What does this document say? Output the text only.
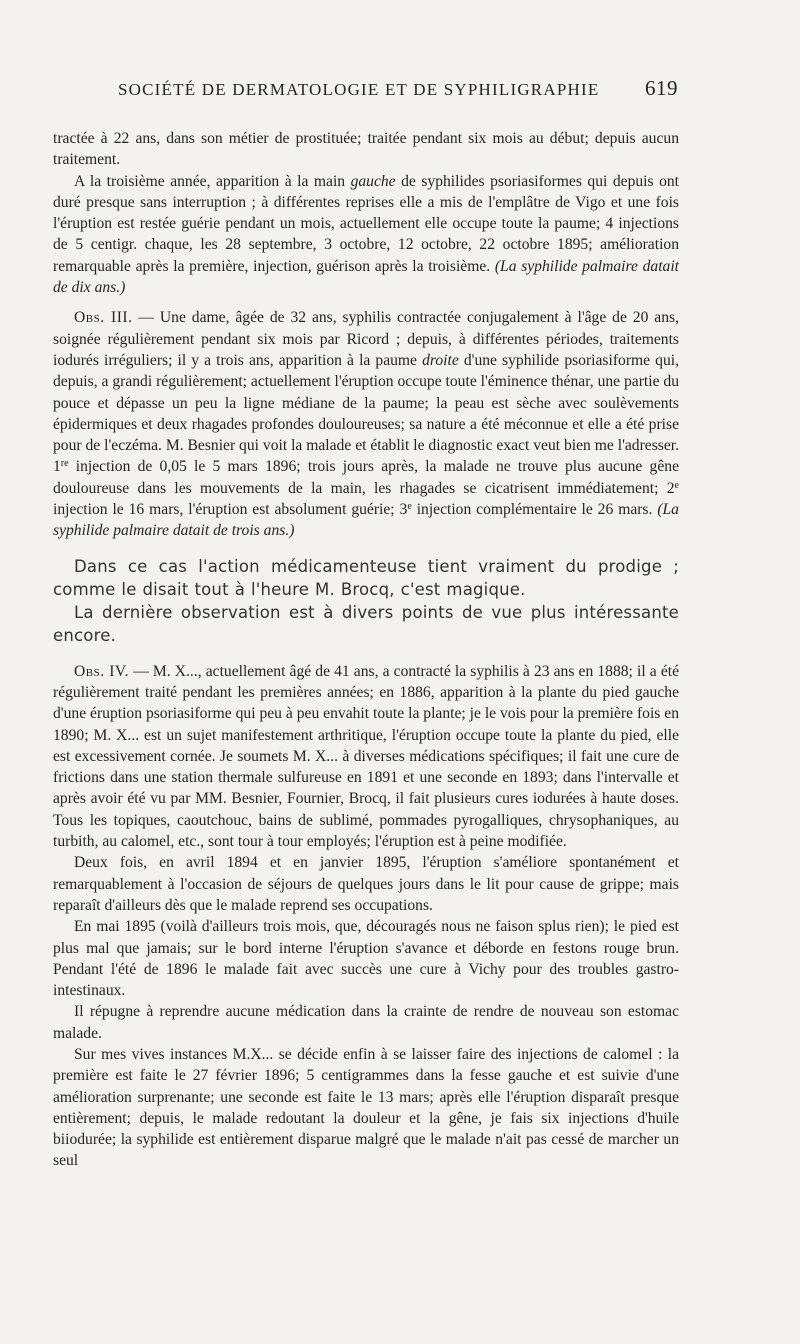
SOCIÉTÉ DE DERMATOLOGIE ET DE SYPHILIGRAPHIE 619

tractée à 22 ans, dans son métier de prostituée; traitée pendant six mois au début; depuis aucun traitement.

A la troisième année, apparition à la main gauche de syphilides psoriasiformes qui depuis ont duré presque sans interruption ; à différentes reprises elle a mis de l'emplâtre de Vigo et une fois l'éruption est restée guérie pendant un mois, actuellement elle occupe toute la paume; 4 injections de 5 centigr. chaque, les 28 septembre, 3 octobre, 12 octobre, 22 octobre 1895; amélioration remarquable après la première, injection, guérison après la troisième. (La syphilide palmaire datait de dix ans.)

Obs. III. — Une dame, âgée de 32 ans, syphilis contractée conjugalement à l'âge de 20 ans, soignée régulièrement pendant six mois par Ricord ; depuis, à différentes périodes, traitements iodurés irréguliers; il y a trois ans, apparition à la paume droite d'une syphilide psoriasiforme qui, depuis, a grandi régulièrement; actuellement l'éruption occupe toute l'éminence thénar, une partie du pouce et dépasse un peu la ligne médiane de la paume; la peau est sèche avec soulèvements épidermiques et deux rhagades profondes douloureuses; sa nature a été méconnue et elle a été prise pour de l'eczéma. M. Besnier qui voit la malade et établit le diagnostic exact veut bien me l'adresser. 1re injection de 0,05 le 5 mars 1896; trois jours après, la malade ne trouve plus aucune gêne douloureuse dans les mouvements de la main, les rhagades se cicatrisent immédiatement; 2e injection le 16 mars, l'éruption est absolument guérie; 3e injection complémentaire le 26 mars. (La syphilide palmaire datait de trois ans.)

Dans ce cas l'action médicamenteuse tient vraiment du prodige ; comme le disait tout à l'heure M. Brocq, c'est magique.

La dernière observation est à divers points de vue plus intéressante encore.

Obs. IV. — M. X..., actuellement âgé de 41 ans, a contracté la syphilis à 23 ans en 1888; il a été régulièrement traité pendant les premières années; en 1886, apparition à la plante du pied gauche d'une éruption psoriasiforme qui peu à peu envahit toute la plante; je le vois pour la première fois en 1890; M. X... est un sujet manifestement arthritique, l'éruption occupe toute la plante du pied, elle est excessivement cornée. Je soumets M. X... à diverses médications spécifiques; il fait une cure de frictions dans une station thermale sulfureuse en 1891 et une seconde en 1893; dans l'intervalle et après avoir été vu par MM. Besnier, Fournier, Brocq, il fait plusieurs cures iodurées à haute doses. Tous les topiques, caoutchouc, bains de sublimé, pommades pyrogalliques, chrysophaniques, au turbith, au calomel, etc., sont tour à tour employés; l'éruption est à peine modifiée.

Deux fois, en avril 1894 et en janvier 1895, l'éruption s'améliore spontanément et remarquablement à l'occasion de séjours de quelques jours dans le lit pour cause de grippe; mais reparaît d'ailleurs dès que le malade reprend ses occupations.

En mai 1895 (voilà d'ailleurs trois mois, que, découragés nous ne faison splus rien); le pied est plus mal que jamais; sur le bord interne l'éruption s'avance et déborde en festons rouge brun. Pendant l'été de 1896 le malade fait avec succès une cure à Vichy pour des troubles gastro-intestinaux.

Il répugne à reprendre aucune médication dans la crainte de rendre de nouveau son estomac malade.

Sur mes vives instances M.X... se décide enfin à se laisser faire des injections de calomel : la première est faite le 27 février 1896; 5 centigrammes dans la fesse gauche et est suivie d'une amélioration surprenante; une seconde est faite le 13 mars; après elle l'éruption disparaît presque entièrement; depuis, le malade redoutant la douleur et la gêne, je fais six injections d'huile biiodurée; la syphilide est entièrement disparue malgré que le malade n'ait pas cessé de marcher un seul
